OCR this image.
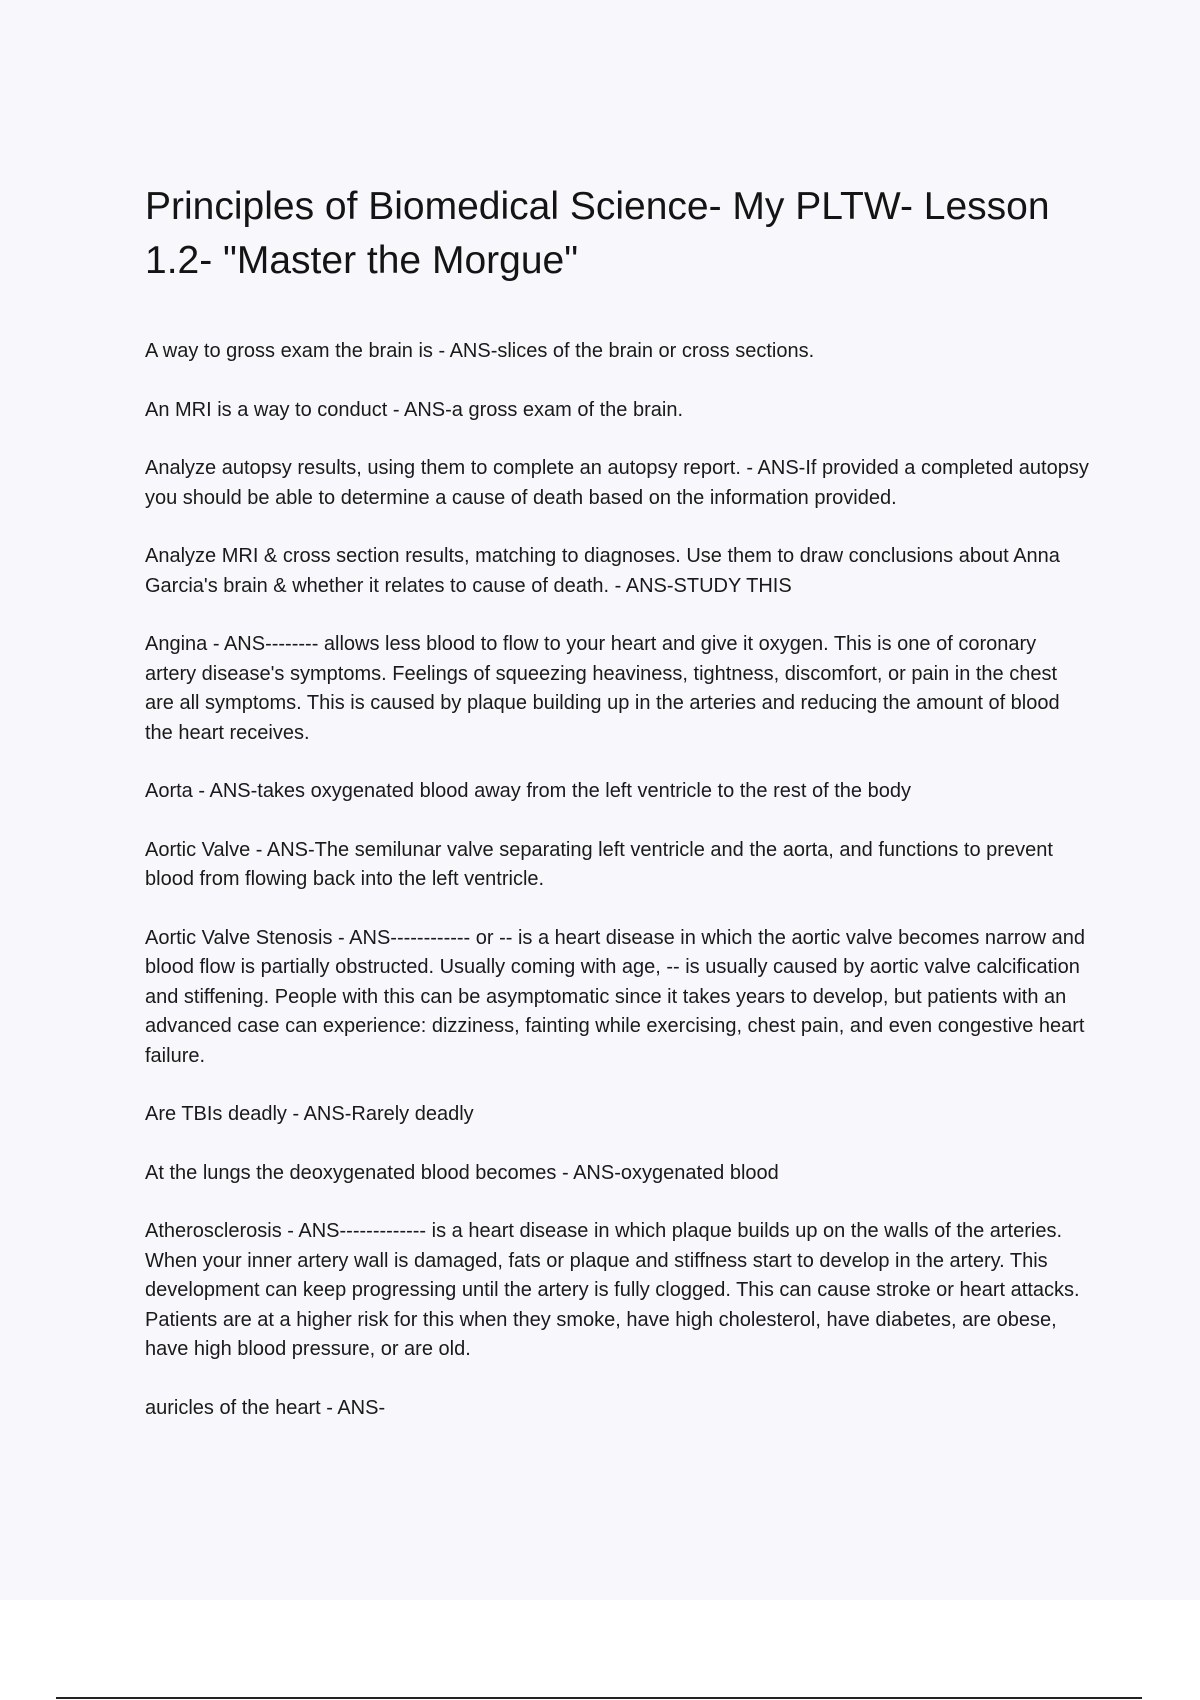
Principles of Biomedical Science- My PLTW- Lesson 1.2- "Master the Morgue"

A way to gross exam the brain is - ANS-slices of the brain or cross sections.

An MRI is a way to conduct - ANS-a gross exam of the brain.

Analyze autopsy results, using them to complete an autopsy report. - ANS-If provided a completed autopsy you should be able to determine a cause of death based on the information provided.

Analyze MRI & cross section results, matching to diagnoses. Use them to draw conclusions about Anna Garcia's brain & whether it relates to cause of death. - ANS-STUDY THIS

Angina - ANS-------- allows less blood to flow to your heart and give it oxygen. This is one of coronary artery disease's symptoms. Feelings of squeezing heaviness, tightness, discomfort, or pain in the chest are all symptoms. This is caused by plaque building up in the arteries and reducing the amount of blood the heart receives.

Aorta - ANS-takes oxygenated blood away from the left ventricle to the rest of the body

Aortic Valve - ANS-The semilunar valve separating left ventricle and the aorta, and functions to prevent blood from flowing back into the left ventricle.

Aortic Valve Stenosis - ANS------------ or -- is a heart disease in which the aortic valve becomes narrow and blood flow is partially obstructed. Usually coming with age, -- is usually caused by aortic valve calcification and stiffening. People with this can be asymptomatic since it takes years to develop, but patients with an advanced case can experience: dizziness, fainting while exercising, chest pain, and even congestive heart failure.

Are TBIs deadly - ANS-Rarely deadly

At the lungs the deoxygenated blood becomes - ANS-oxygenated blood

Atherosclerosis - ANS------------- is a heart disease in which plaque builds up on the walls of the arteries. When your inner artery wall is damaged, fats or plaque and stiffness start to develop in the artery. This development can keep progressing until the artery is fully clogged. This can cause stroke or heart attacks. Patients are at a higher risk for this when they smoke, have high cholesterol, have diabetes, are obese, have high blood pressure, or are old.

auricles of the heart - ANS-
